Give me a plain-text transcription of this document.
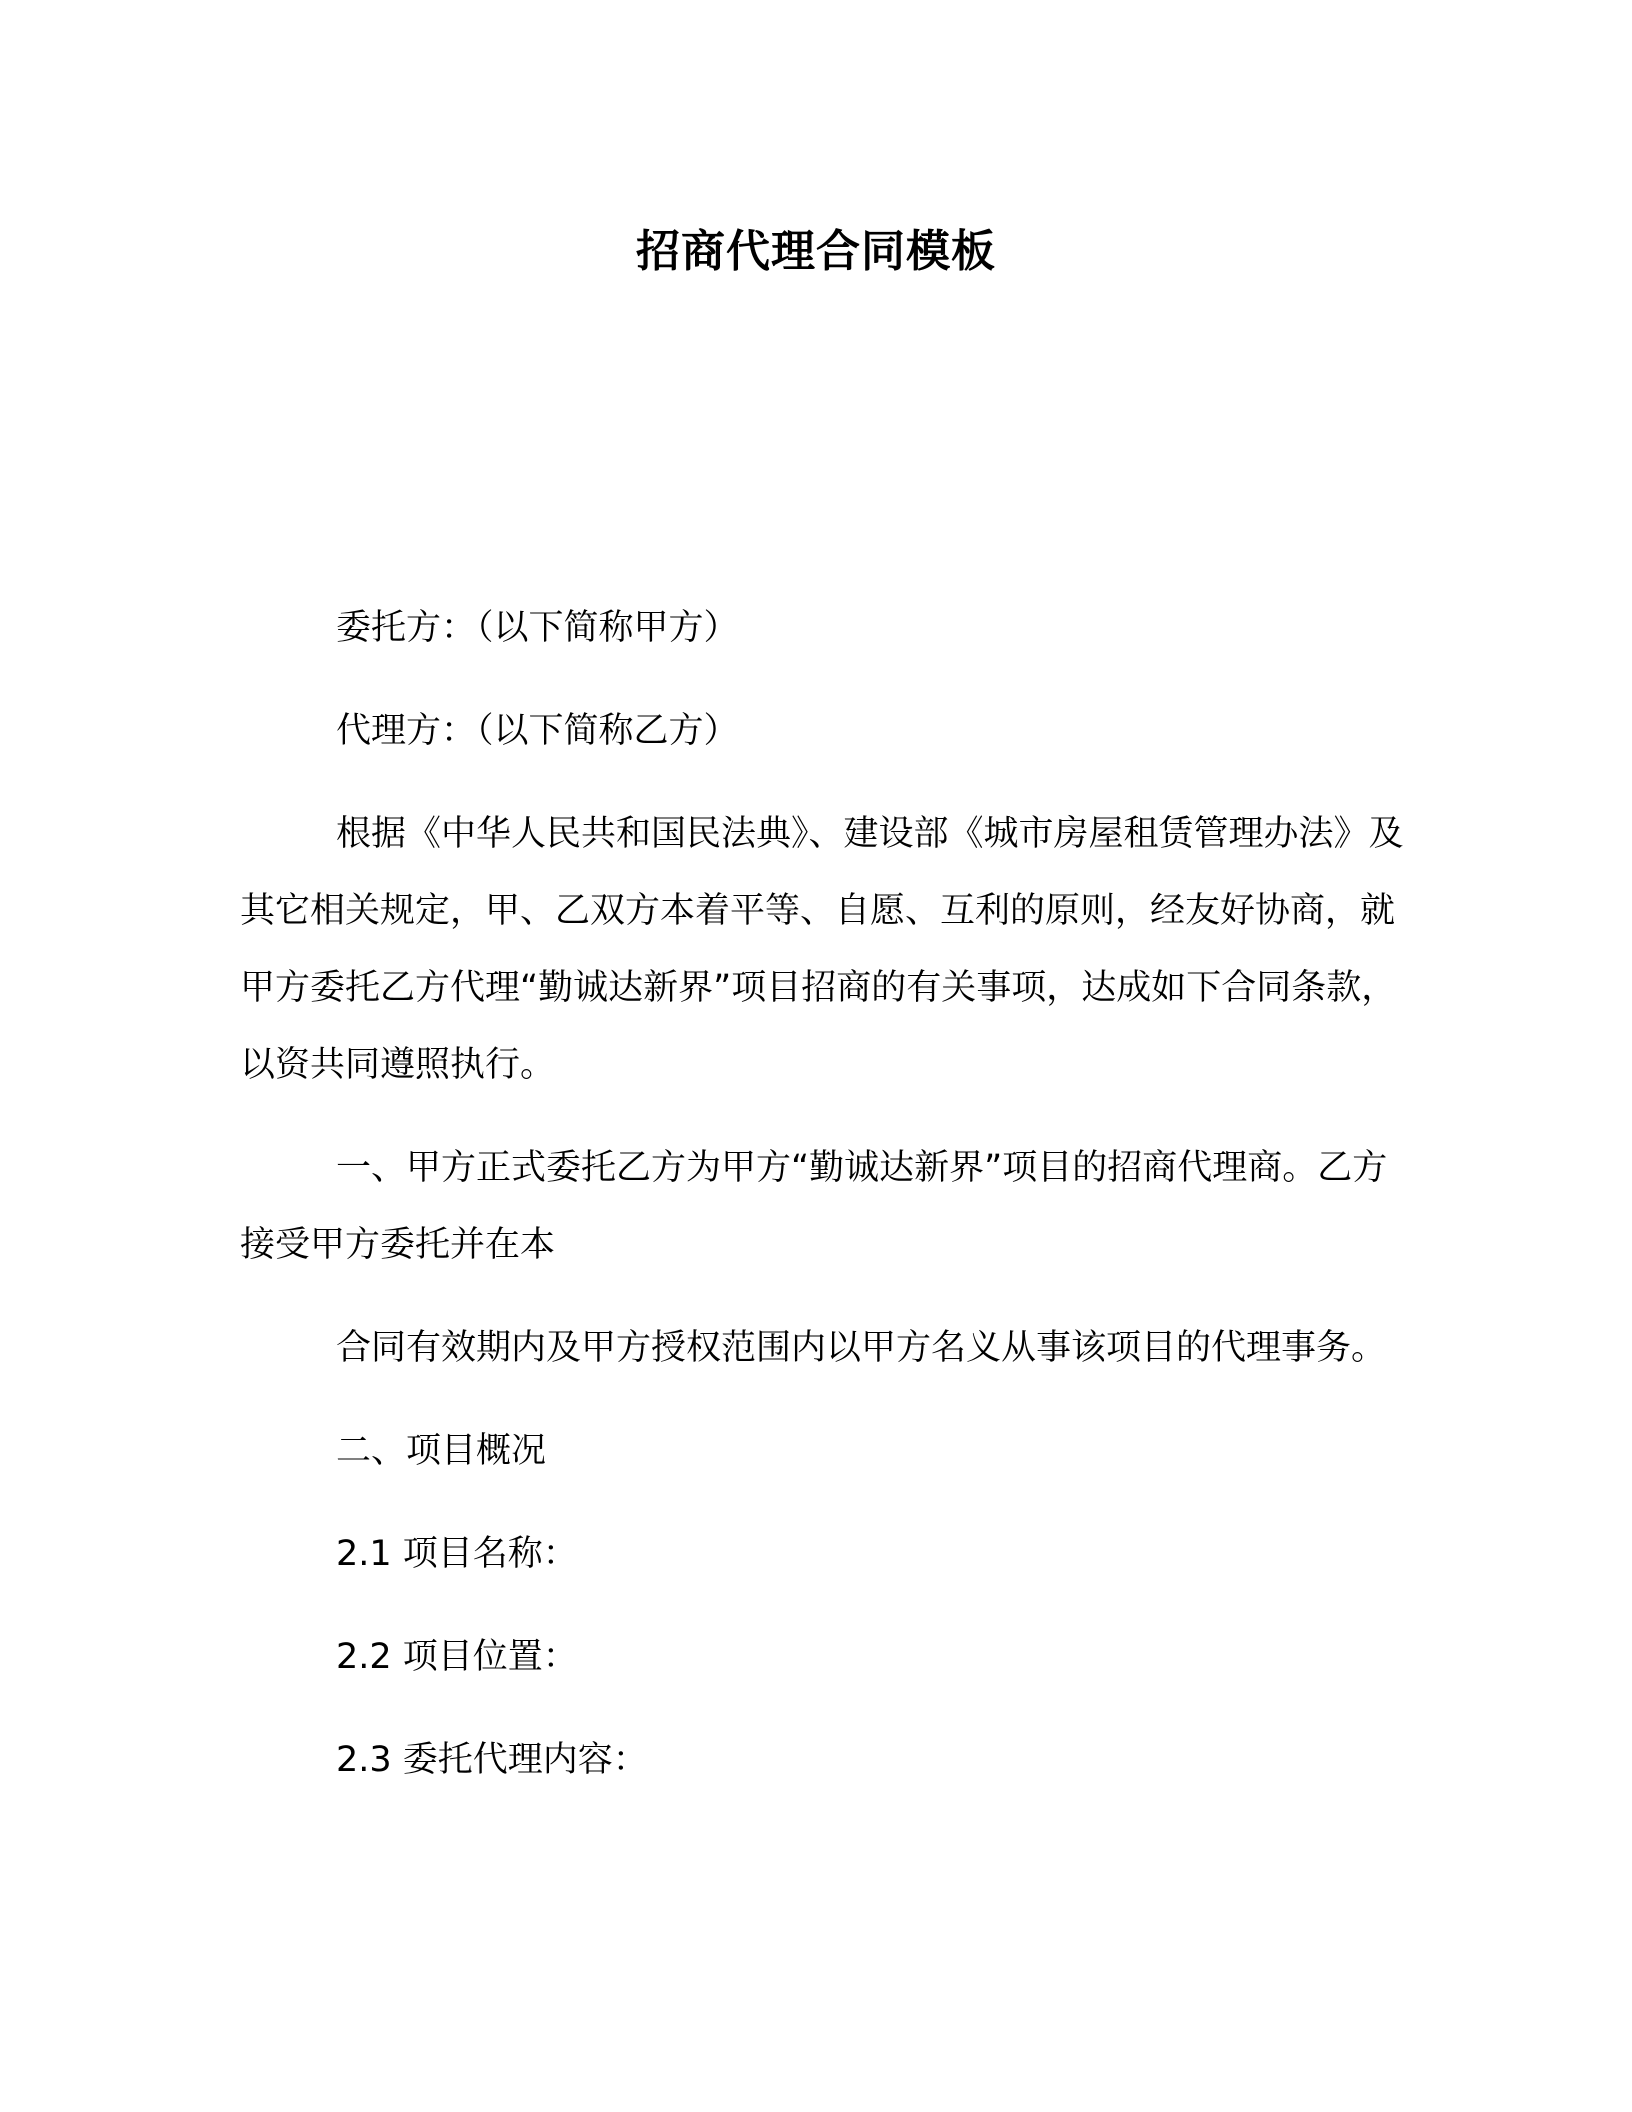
招商代理合同模板

委托方：（以下简称甲方）

代理方：（以下简称乙方）

根据《中华人民共和国民法典》、建设部《城市房屋租赁管理办法》及其它相关规定，甲、乙双方本着平等、自愿、互利的原则，经友好协商，就甲方委托乙方代理“勤诚达新界”项目招商的有关事项，达成如下合同条款，以资共同遵照执行。

一、甲方正式委托乙方为甲方“勤诚达新界”项目的招商代理商。乙方接受甲方委托并在本

合同有效期内及甲方授权范围内以甲方名义从事该项目的代理事务。

二、项目概况

2.1 项目名称：

2.2 项目位置：

2.3 委托代理内容：
